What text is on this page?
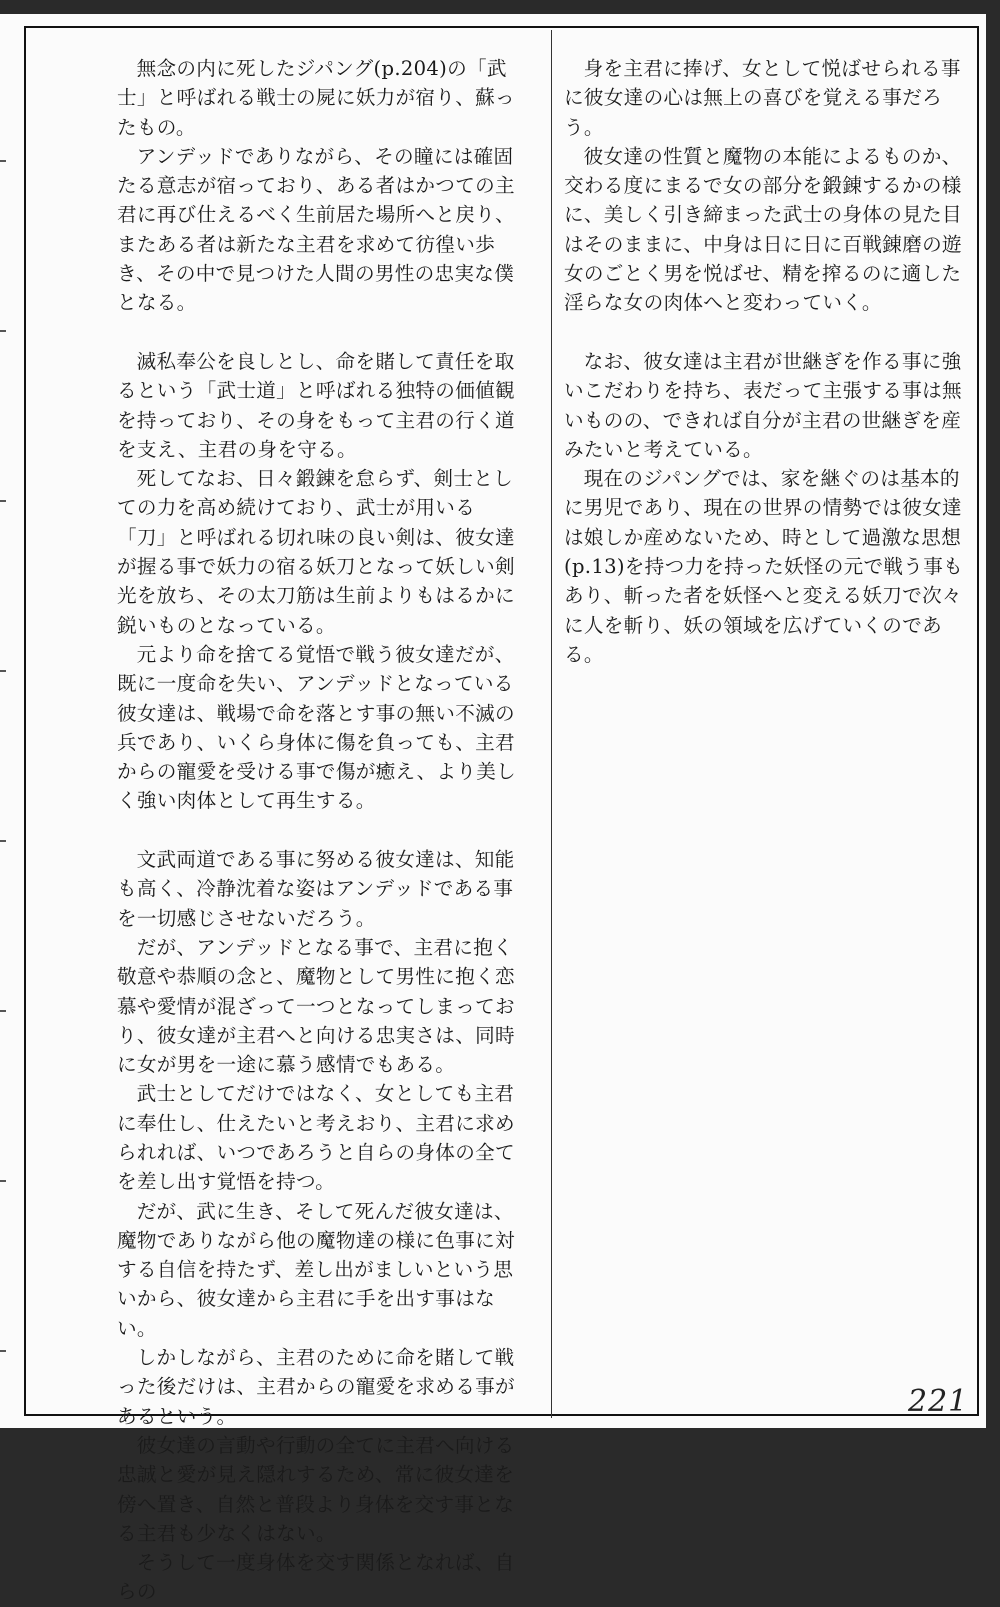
無念の内に死したジパング(p.204)の「武士」と呼ばれる戦士の屍に妖力が宿り、蘇ったもの。

アンデッドでありながら、その瞳には確固たる意志が宿っており、ある者はかつての主君に再び仕えるべく生前居た場所へと戻り、またある者は新たな主君を求めて彷徨い歩き、その中で見つけた人間の男性の忠実な僕となる。

滅私奉公を良しとし、命を賭して責任を取るという「武士道」と呼ばれる独特の価値観を持っており、その身をもって主君の行く道を支え、主君の身を守る。

死してなお、日々鍛錬を怠らず、剣士としての力を高め続けており、武士が用いる「刀」と呼ばれる切れ味の良い剣は、彼女達が握る事で妖力の宿る妖刀となって妖しい剣光を放ち、その太刀筋は生前よりもはるかに鋭いものとなっている。

元より命を捨てる覚悟で戦う彼女達だが、既に一度命を失い、アンデッドとなっている彼女達は、戦場で命を落とす事の無い不滅の兵であり、いくら身体に傷を負っても、主君からの寵愛を受ける事で傷が癒え、より美しく強い肉体として再生する。

文武両道である事に努める彼女達は、知能も高く、冷静沈着な姿はアンデッドである事を一切感じさせないだろう。

だが、アンデッドとなる事で、主君に抱く敬意や恭順の念と、魔物として男性に抱く恋慕や愛情が混ざって一つとなってしまっており、彼女達が主君へと向ける忠実さは、同時に女が男を一途に慕う感情でもある。

武士としてだけではなく、女としても主君に奉仕し、仕えたいと考えおり、主君に求められれば、いつであろうと自らの身体の全てを差し出す覚悟を持つ。

だが、武に生き、そして死んだ彼女達は、魔物でありながら他の魔物達の様に色事に対する自信を持たず、差し出がましいという思いから、彼女達から主君に手を出す事はない。

しかしながら、主君のために命を賭して戦った後だけは、主君からの寵愛を求める事があるという。

彼女達の言動や行動の全てに主君へ向ける忠誠と愛が見え隠れするため、常に彼女達を傍へ置き、自然と普段より身体を交す事となる主君も少なくはない。

そうして一度身体を交す関係となれば、自らの

身を主君に捧げ、女として悦ばせられる事に彼女達の心は無上の喜びを覚える事だろう。

彼女達の性質と魔物の本能によるものか、交わる度にまるで女の部分を鍛錬するかの様に、美しく引き締まった武士の身体の見た目はそのままに、中身は日に日に百戦錬磨の遊女のごとく男を悦ばせ、精を搾るのに適した淫らな女の肉体へと変わっていく。

なお、彼女達は主君が世継ぎを作る事に強いこだわりを持ち、表だって主張する事は無いものの、できれば自分が主君の世継ぎを産みたいと考えている。

現在のジパングでは、家を継ぐのは基本的に男児であり、現在の世界の情勢では彼女達は娘しか産めないため、時として過激な思想(p.13)を持つ力を持った妖怪の元で戦う事もあり、斬った者を妖怪へと変える妖刀で次々に人を斬り、妖の領域を広げていくのである。

221
